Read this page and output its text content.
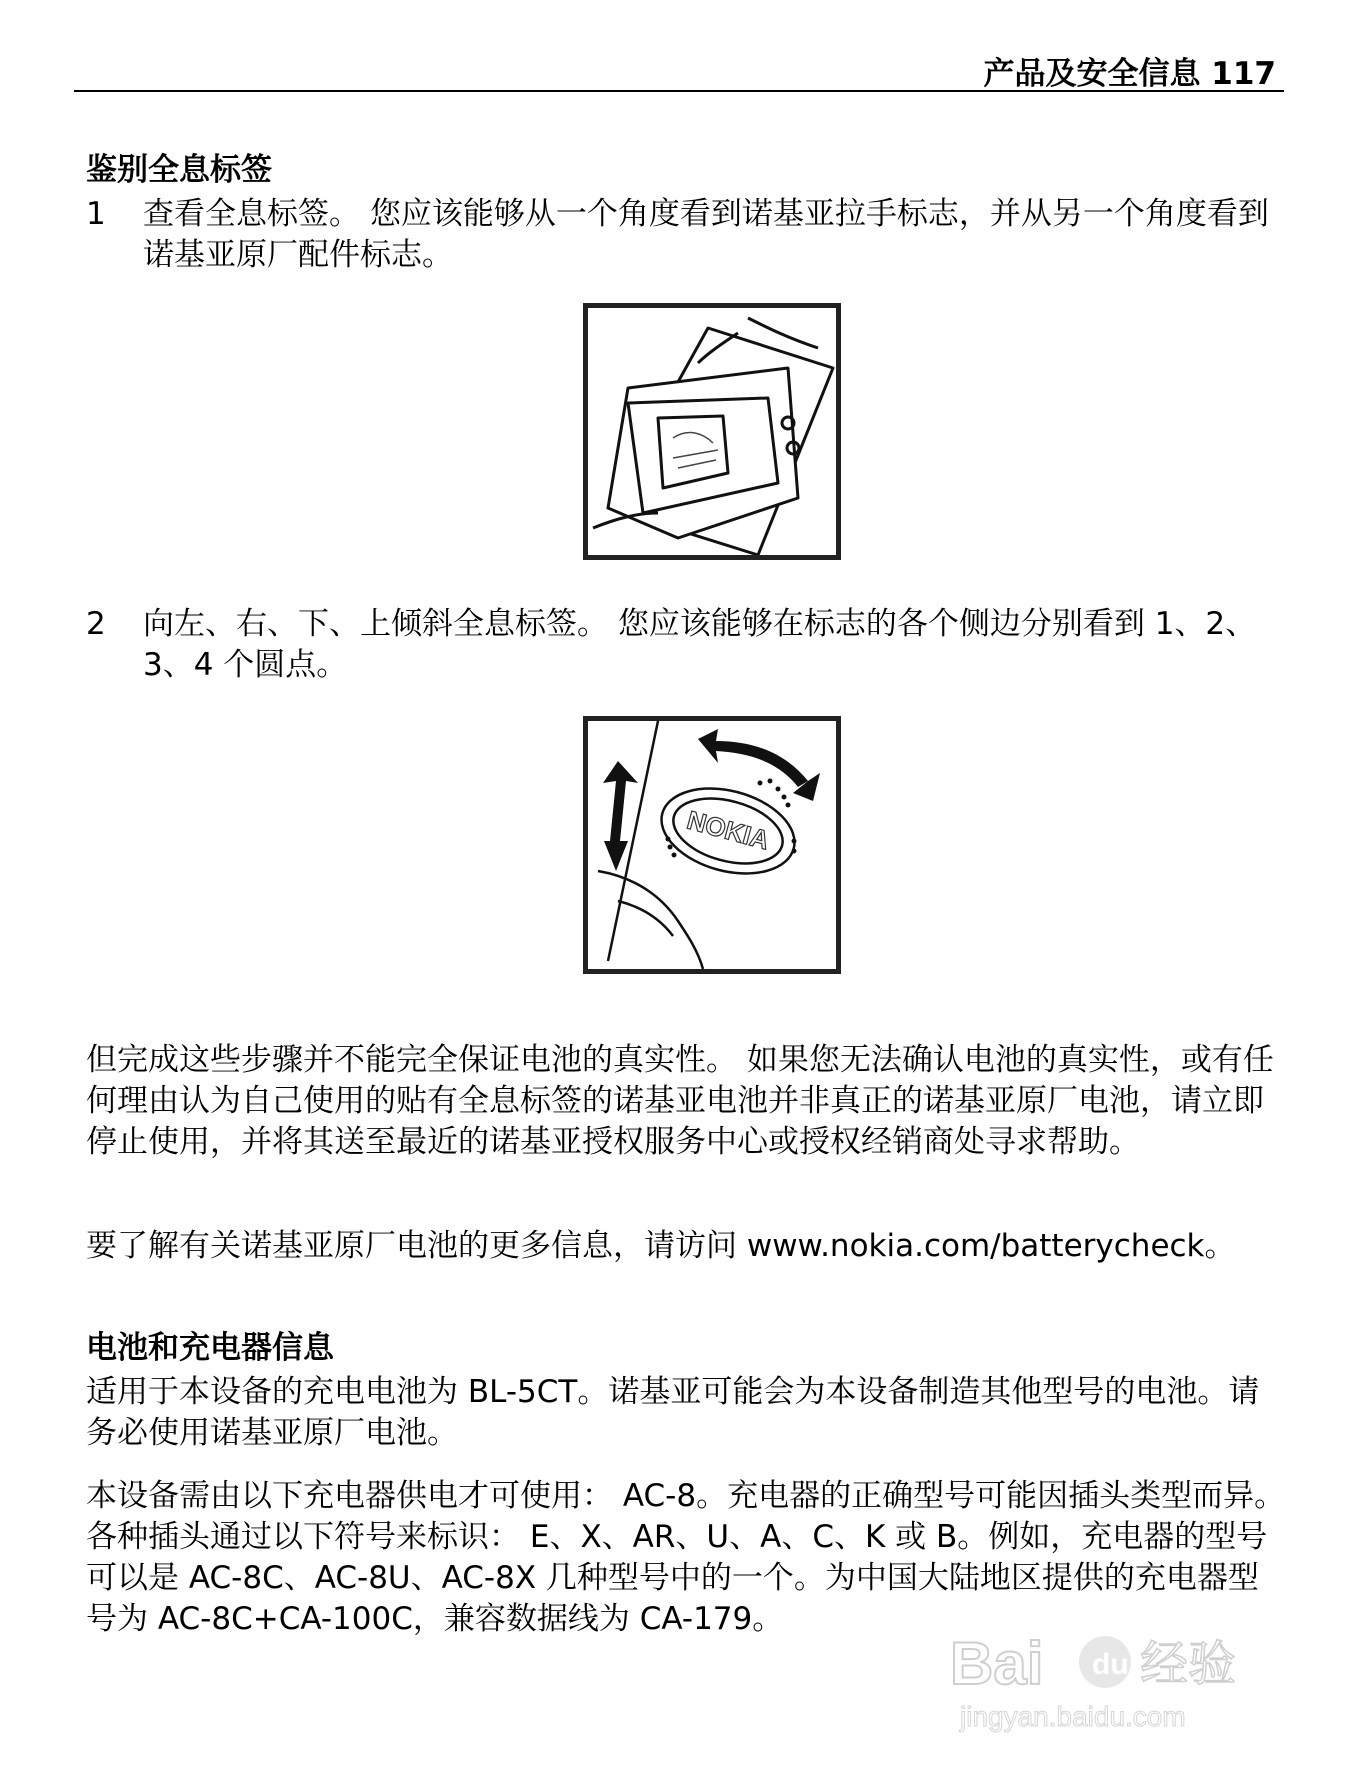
产品及安全信息 117
鉴别全息标签
1 查看全息标签。 您应该能够从一个角度看到诺基亚拉手标志，并从另一个角度看到诺基亚原厂配件标志。
2 向左、右、下、上倾斜全息标签。 您应该能够在标志的各个侧边分别看到 1、2、3、4 个圆点。
NOKIA
但完成这些步骤并不能完全保证电池的真实性。 如果您无法确认电池的真实性，或有任何理由认为自己使用的贴有全息标签的诺基亚电池并非真正的诺基亚原厂电池，请立即停止使用，并将其送至最近的诺基亚授权服务中心或授权经销商处寻求帮助。
要了解有关诺基亚原厂电池的更多信息，请访问 www.nokia.com/batterycheck。
电池和充电器信息
适用于本设备的充电电池为 BL-5CT。诺基亚可能会为本设备制造其他型号的电池。请务必使用诺基亚原厂电池。
本设备需由以下充电器供电才可使用： AC-8。充电器的正确型号可能因插头类型而异。各种插头通过以下符号来标识： E、X、AR、U、A、C、K 或 B。例如，充电器的型号可以是 AC-8C、AC-8U、AC-8X 几种型号中的一个。为中国大陆地区提供的充电器型号为 AC-8C+CA-100C，兼容数据线为 CA-179。
Bai du 经验
jingyan.baidu.com
